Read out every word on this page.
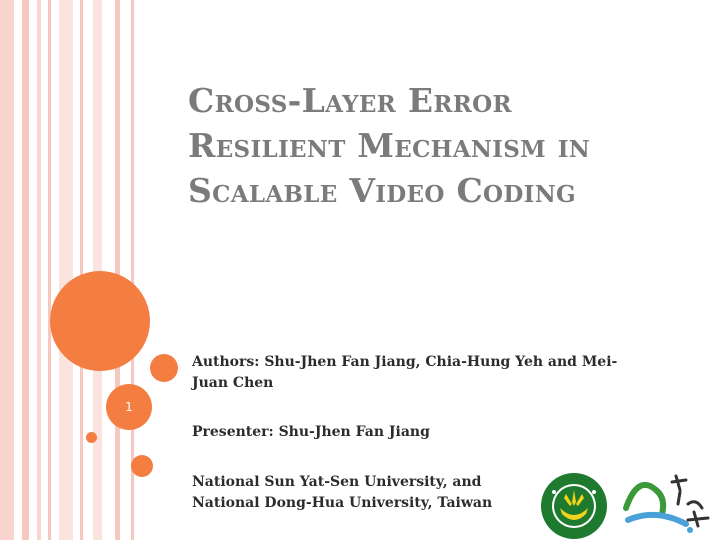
1
Cross-Layer Error
Resilient Mechanism in
Scalable Video Coding
Authors: Shu-Jhen Fan Jiang, Chia-Hung Yeh and Mei-
Juan Chen
Presenter: Shu-Jhen Fan Jiang
National Sun Yat-Sen University, and
National Dong-Hua University, Taiwan
